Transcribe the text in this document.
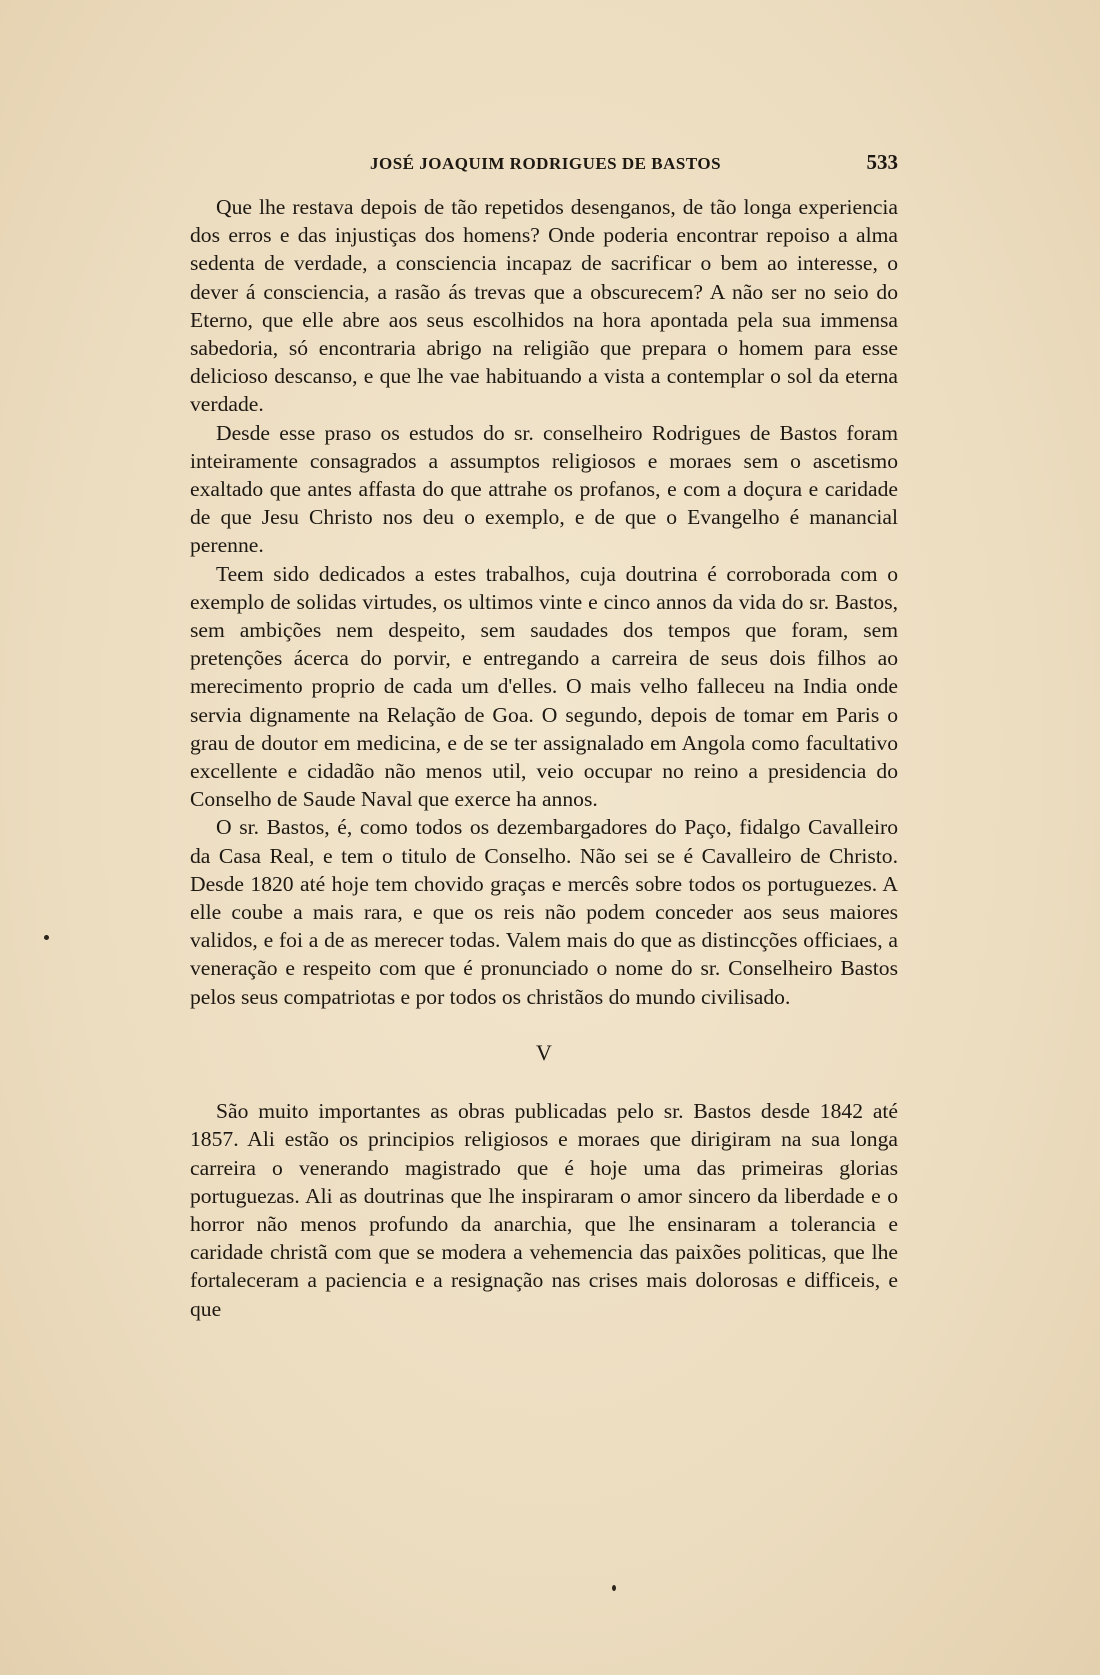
JOSÉ JOAQUIM RODRIGUES DE BASTOS	533

Que lhe restava depois de tão repetidos desenganos, de tão longa experiencia dos erros e das injustiças dos homens? Onde poderia encontrar repoiso a alma sedenta de verdade, a consciencia incapaz de sacrificar o bem ao interesse, o dever á consciencia, a rasão ás trevas que a obscurecem? A não ser no seio do Eterno, que elle abre aos seus escolhidos na hora apontada pela sua immensa sabedoria, só encontraria abrigo na religião que prepara o homem para esse delicioso descanso, e que lhe vae habituando a vista a contemplar o sol da eterna verdade.

Desde esse praso os estudos do sr. conselheiro Rodrigues de Bastos foram inteiramente consagrados a assumptos religiosos e moraes sem o ascetismo exaltado que antes affasta do que attrahe os profanos, e com a doçura e caridade de que Jesu Christo nos deu o exemplo, e de que o Evangelho é manancial perenne.

Teem sido dedicados a estes trabalhos, cuja doutrina é corroborada com o exemplo de solidas virtudes, os ultimos vinte e cinco annos da vida do sr. Bastos, sem ambições nem despeito, sem saudades dos tempos que foram, sem pretenções ácerca do porvir, e entregando a carreira de seus dois filhos ao merecimento proprio de cada um d'elles. O mais velho falleceu na India onde servia dignamente na Relação de Goa. O segundo, depois de tomar em Paris o grau de doutor em medicina, e de se ter assignalado em Angola como facultativo excellente e cidadão não menos util, veio occupar no reino a presidencia do Conselho de Saude Naval que exerce ha annos.

O sr. Bastos, é, como todos os dezembargadores do Paço, fidalgo Cavalleiro da Casa Real, e tem o titulo de Conselho. Não sei se é Cavalleiro de Christo. Desde 1820 até hoje tem chovido graças e mercês sobre todos os portuguezes. A elle coube a mais rara, e que os reis não podem conceder aos seus maiores validos, e foi a de as merecer todas. Valem mais do que as distincções officiaes, a veneração e respeito com que é pronunciado o nome do sr. Conselheiro Bastos pelos seus compatriotas e por todos os christãos do mundo civilisado.

V

São muito importantes as obras publicadas pelo sr. Bastos desde 1842 até 1857. Ali estão os principios religiosos e moraes que dirigiram na sua longa carreira o venerando magistrado que é hoje uma das primeiras glorias portuguezas. Ali as doutrinas que lhe inspiraram o amor sincero da liberdade e o horror não menos profundo da anarchia, que lhe ensinaram a tolerancia e caridade christã com que se modera a vehemencia das paixões politicas, que lhe fortaleceram a paciencia e a resignação nas crises mais dolorosas e difficeis, e que
